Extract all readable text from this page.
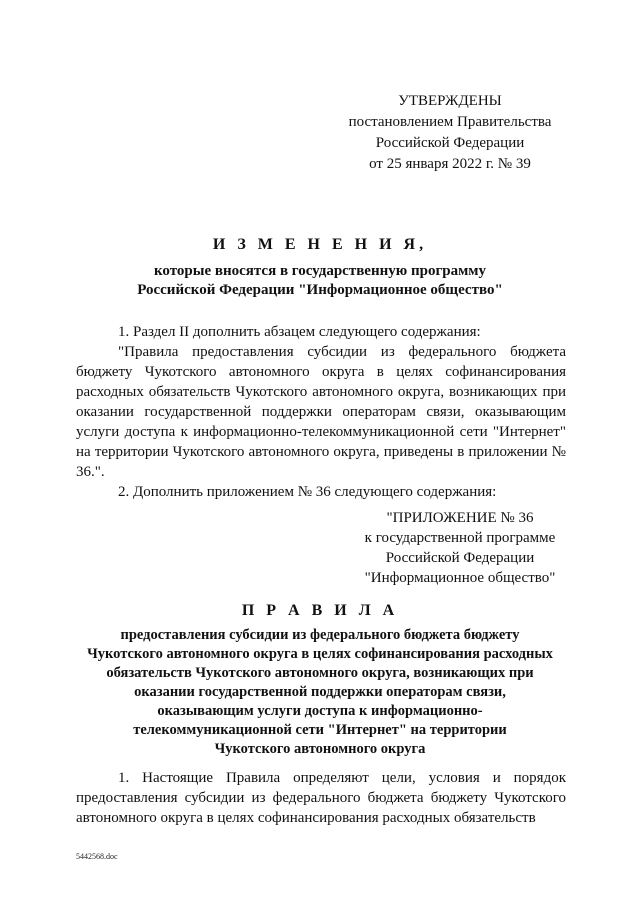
УТВЕРЖДЕНЫ
постановлением Правительства
Российской Федерации
от 25 января 2022 г. № 39
И З М Е Н Е Н И Я,
которые вносятся в государственную программу
Российской Федерации "Информационное общество"

1. Раздел II дополнить абзацем следующего содержания:

"Правила предоставления субсидии из федерального бюджета бюджету Чукотского автономного округа в целях софинансирования расходных обязательств Чукотского автономного округа, возникающих при оказании государственной поддержки операторам связи, оказывающим услуги доступа к информационно-телекоммуникационной сети "Интернет" на территории Чукотского автономного округа, приведены в приложении № 36.".

2. Дополнить приложением № 36 следующего содержания:

"ПРИЛОЖЕНИЕ № 36
к государственной программе
Российской Федерации
"Информационное общество"
П Р А В И Л А
предоставления субсидии из федерального бюджета бюджету
Чукотского автономного округа в целях софинансирования расходных
обязательств Чукотского автономного округа, возникающих при
оказании государственной поддержки операторам связи,
оказывающим услуги доступа к информационно-
телекоммуникационной сети "Интернет" на территории
Чукотского автономного округа

1. Настоящие Правила определяют цели, условия и порядок предоставления субсидии из федерального бюджета бюджету Чукотского автономного округа в целях софинансирования расходных обязательств

5442568.doc
